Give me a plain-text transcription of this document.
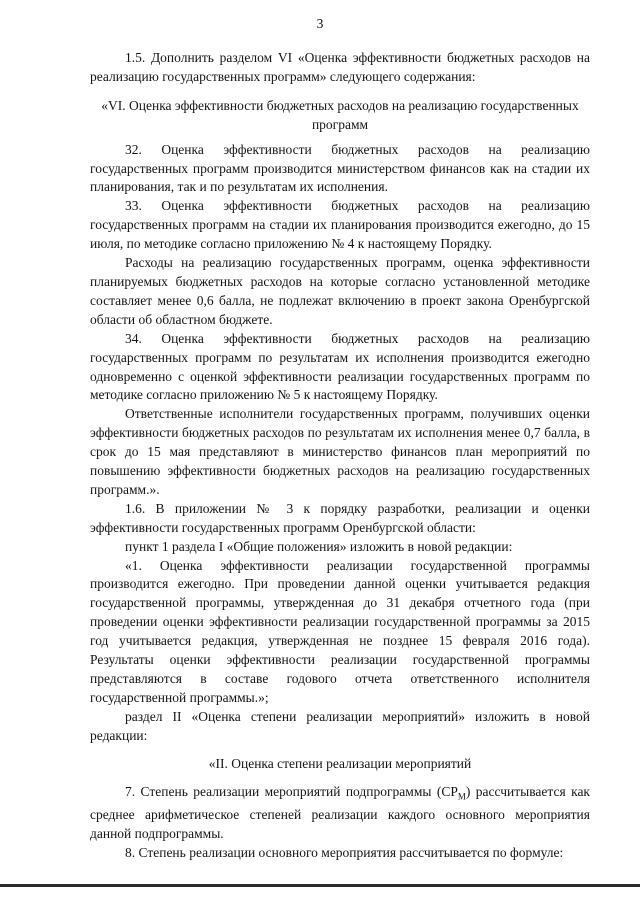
3

1.5. Дополнить разделом VI «Оценка эффективности бюджетных расходов на реализацию государственных программ» следующего содержания:

«VI. Оценка эффективности бюджетных расходов на реализацию государственных программ

32. Оценка эффективности бюджетных расходов на реализацию государственных программ производится министерством финансов как на стадии их планирования, так и по результатам их исполнения.

33. Оценка эффективности бюджетных расходов на реализацию государственных программ на стадии их планирования производится ежегодно, до 15 июля, по методике согласно приложению № 4 к настоящему Порядку.

Расходы на реализацию государственных программ, оценка эффективности планируемых бюджетных расходов на которые согласно установленной методике составляет менее 0,6 балла, не подлежат включению в проект закона Оренбургской области об областном бюджете.

34. Оценка эффективности бюджетных расходов на реализацию государственных программ по результатам их исполнения производится ежегодно одновременно с оценкой эффективности реализации государственных программ по методике согласно приложению № 5 к настоящему Порядку.

Ответственные исполнители государственных программ, получивших оценки эффективности бюджетных расходов по результатам их исполнения менее 0,7 балла, в срок до 15 мая представляют в министерство финансов план мероприятий по повышению эффективности бюджетных расходов на реализацию государственных программ.».

1.6. В приложении № 3 к порядку разработки, реализации и оценки эффективности государственных программ Оренбургской области:

пункт 1 раздела I «Общие положения» изложить в новой редакции:

«1. Оценка эффективности реализации государственной программы производится ежегодно. При проведении данной оценки учитывается редакция государственной программы, утвержденная до 31 декабря отчетного года (при проведении оценки эффективности реализации государственной программы за 2015 год учитывается редакция, утвержденная не позднее 15 февраля 2016 года). Результаты оценки эффективности реализации государственной программы представляются в составе годового отчета ответственного исполнителя государственной программы.»;

раздел II «Оценка степени реализации мероприятий» изложить в новой редакции:

«II. Оценка степени реализации мероприятий

7. Степень реализации мероприятий подпрограммы $(СР_М)$ рассчитывается как среднее арифметическое степеней реализации каждого основного мероприятия данной подпрограммы.

8. Степень реализации основного мероприятия рассчитывается по формуле:
